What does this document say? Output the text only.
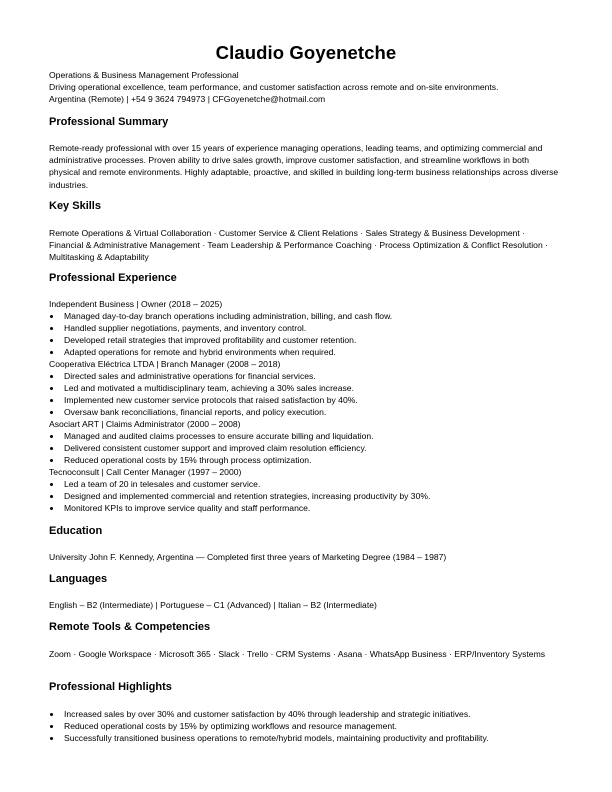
Claudio Goyenetche
Operations & Business Management Professional
Driving operational excellence, team performance, and customer satisfaction across remote and on-site environments.
Argentina (Remote) | +54 9 3624 794973 | CFGoyenetche@hotmail.com
Professional Summary
Remote-ready professional with over 15 years of experience managing operations, leading teams, and optimizing commercial and administrative processes. Proven ability to drive sales growth, improve customer satisfaction, and streamline workflows in both physical and remote environments. Highly adaptable, proactive, and skilled in building long-term business relationships across diverse industries.
Key Skills
Remote Operations & Virtual Collaboration · Customer Service & Client Relations · Sales Strategy & Business Development · Financial & Administrative Management · Team Leadership & Performance Coaching · Process Optimization & Conflict Resolution · Multitasking & Adaptability
Professional Experience
Independent Business | Owner (2018 – 2025)
Managed day-to-day branch operations including administration, billing, and cash flow.
Handled supplier negotiations, payments, and inventory control.
Developed retail strategies that improved profitability and customer retention.
Adapted operations for remote and hybrid environments when required.
Cooperativa Eléctrica LTDA | Branch Manager (2008 – 2018)
Directed sales and administrative operations for financial services.
Led and motivated a multidisciplinary team, achieving a 30% sales increase.
Implemented new customer service protocols that raised satisfaction by 40%.
Oversaw bank reconciliations, financial reports, and policy execution.
Asociart ART | Claims Administrator (2000 – 2008)
Managed and audited claims processes to ensure accurate billing and liquidation.
Delivered consistent customer support and improved claim resolution efficiency.
Reduced operational costs by 15% through process optimization.
Tecnoconsult | Call Center Manager (1997 – 2000)
Led a team of 20 in telesales and customer service.
Designed and implemented commercial and retention strategies, increasing productivity by 30%.
Monitored KPIs to improve service quality and staff performance.
Education
University John F. Kennedy, Argentina — Completed first three years of Marketing Degree (1984 – 1987)
Languages
English – B2 (Intermediate) | Portuguese – C1 (Advanced) | Italian – B2 (Intermediate)
Remote Tools & Competencies
Zoom · Google Workspace · Microsoft 365 · Slack · Trello · CRM Systems · Asana · WhatsApp Business · ERP/Inventory Systems
Professional Highlights
Increased sales by over 30% and customer satisfaction by 40% through leadership and strategic initiatives.
Reduced operational costs by 15% by optimizing workflows and resource management.
Successfully transitioned business operations to remote/hybrid models, maintaining productivity and profitability.
